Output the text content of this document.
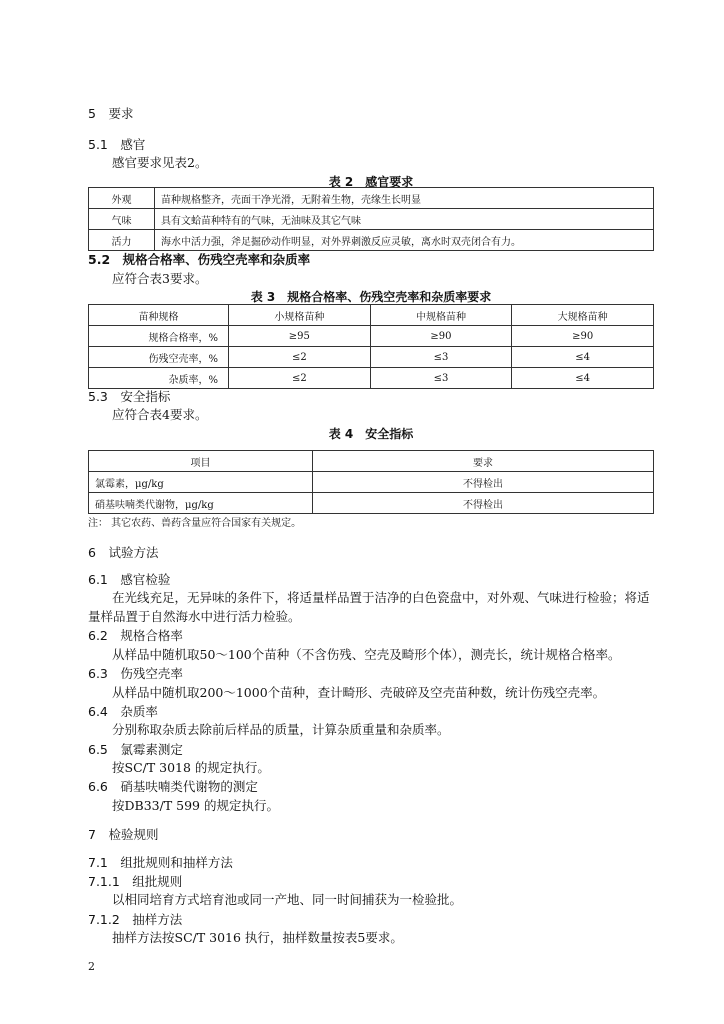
5　要求
5.1　感官
感官要求见表2。
表 2　感官要求
外观	苗种规格整齐，壳面干净光滑，无附着生物，壳缘生长明显
气味	具有文蛤苗种特有的气味，无油味及其它气味
活力	海水中活力强，斧足掘砂动作明显，对外界刺激反应灵敏，离水时双壳闭合有力。
5.2　规格合格率、伤残空壳率和杂质率
应符合表3要求。
表 3　规格合格率、伤残空壳率和杂质率要求
苗种规格	小规格苗种	中规格苗种	大规格苗种
规格合格率，%	≥95	≥90	≥90
伤残空壳率，%	≤2	≤3	≤4
杂质率，%	≤2	≤3	≤4
5.3　安全指标
应符合表4要求。
表 4　安全指标
项目	要求
氯霉素，μg/kg	不得检出
硝基呋喃类代谢物，μg/kg	不得检出
注： 其它农药、兽药含量应符合国家有关规定。
6　试验方法
6.1　感官检验
在光线充足，无异味的条件下，将适量样品置于洁净的白色瓷盘中，对外观、气味进行检验；将适
量样品置于自然海水中进行活力检验。
6.2　规格合格率
从样品中随机取50～100个苗种（不含伤残、空壳及畸形个体），测壳长，统计规格合格率。
6.3　伤残空壳率
从样品中随机取200～1000个苗种，查计畸形、壳破碎及空壳苗种数，统计伤残空壳率。
6.4　杂质率
分别称取杂质去除前后样品的质量，计算杂质重量和杂质率。
6.5　氯霉素测定
按SC/T 3018 的规定执行。
6.6　硝基呋喃类代谢物的测定
按DB33/T 599 的规定执行。
7　检验规则
7.1　组批规则和抽样方法
7.1.1　组批规则
以相同培育方式培育池或同一产地、同一时间捕获为一检验批。
7.1.2　抽样方法
抽样方法按SC/T 3016 执行，抽样数量按表5要求。
2
